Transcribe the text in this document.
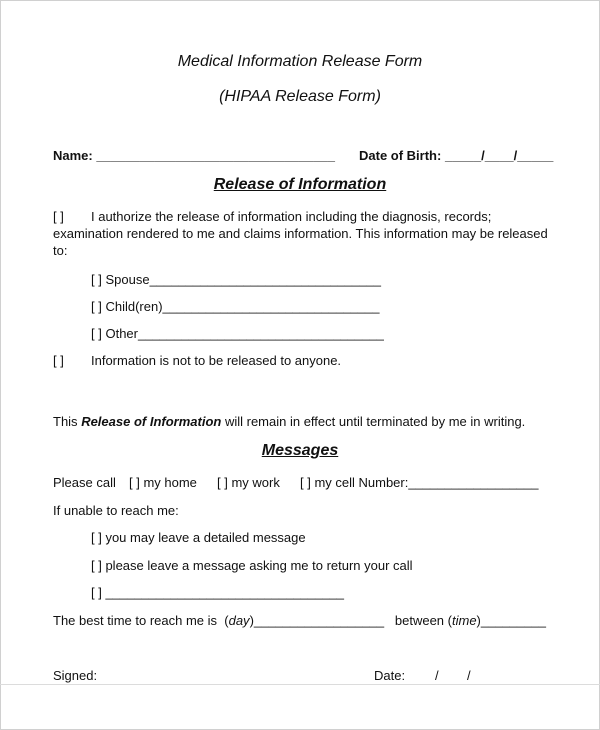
Medical Information Release Form
(HIPAA Release Form)
Name: _________________________________ Date of Birth: _____/____/_____
Release of Information
[ ] I authorize the release of information including the diagnosis, records;
examination rendered to me and claims information. This information may be released
to:
[ ] Spouse________________________________
[ ] Child(ren)______________________________
[ ] Other__________________________________
[ ] Information is not to be released to anyone.
This Release of Information will remain in effect until terminated by me in writing.
Messages
Please call [ ] my home [ ] my work [ ] my cell Number:__________________
If unable to reach me:
[ ] you may leave a detailed message
[ ] please leave a message asking me to return your call
[ ] _________________________________
The best time to reach me is (day)__________________ between (time)_________
Signed:	Date: / /
